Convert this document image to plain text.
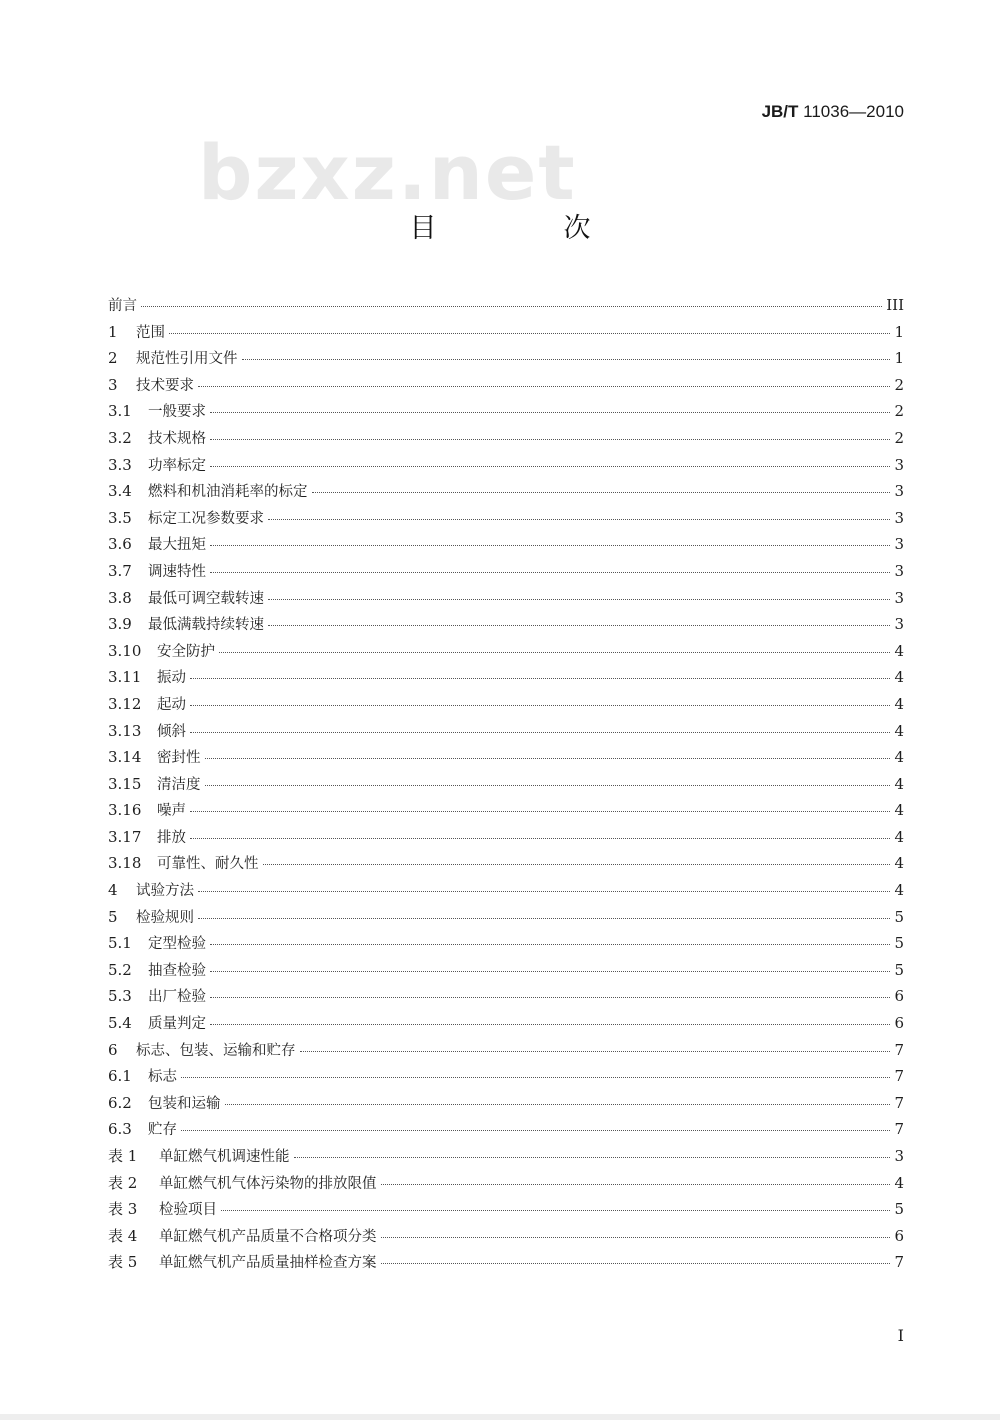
JB/T 11036—2010
bzxz.net
目　次
前言	III
1	范围	1
2	规范性引用文件	1
3	技术要求	2
3.1	一般要求	2
3.2	技术规格	2
3.3	功率标定	3
3.4	燃料和机油消耗率的标定	3
3.5	标定工况参数要求	3
3.6	最大扭矩	3
3.7	调速特性	3
3.8	最低可调空载转速	3
3.9	最低满载持续转速	3
3.10	安全防护	4
3.11	振动	4
3.12	起动	4
3.13	倾斜	4
3.14	密封性	4
3.15	清洁度	4
3.16	噪声	4
3.17	排放	4
3.18	可靠性、耐久性	4
4	试验方法	4
5	检验规则	5
5.1	定型检验	5
5.2	抽查检验	5
5.3	出厂检验	6
5.4	质量判定	6
6	标志、包装、运输和贮存	7
6.1	标志	7
6.2	包装和运输	7
6.3	贮存	7
表 1	单缸燃气机调速性能	3
表 2	单缸燃气机气体污染物的排放限值	4
表 3	检验项目	5
表 4	单缸燃气机产品质量不合格项分类	6
表 5	单缸燃气机产品质量抽样检查方案	7
I
